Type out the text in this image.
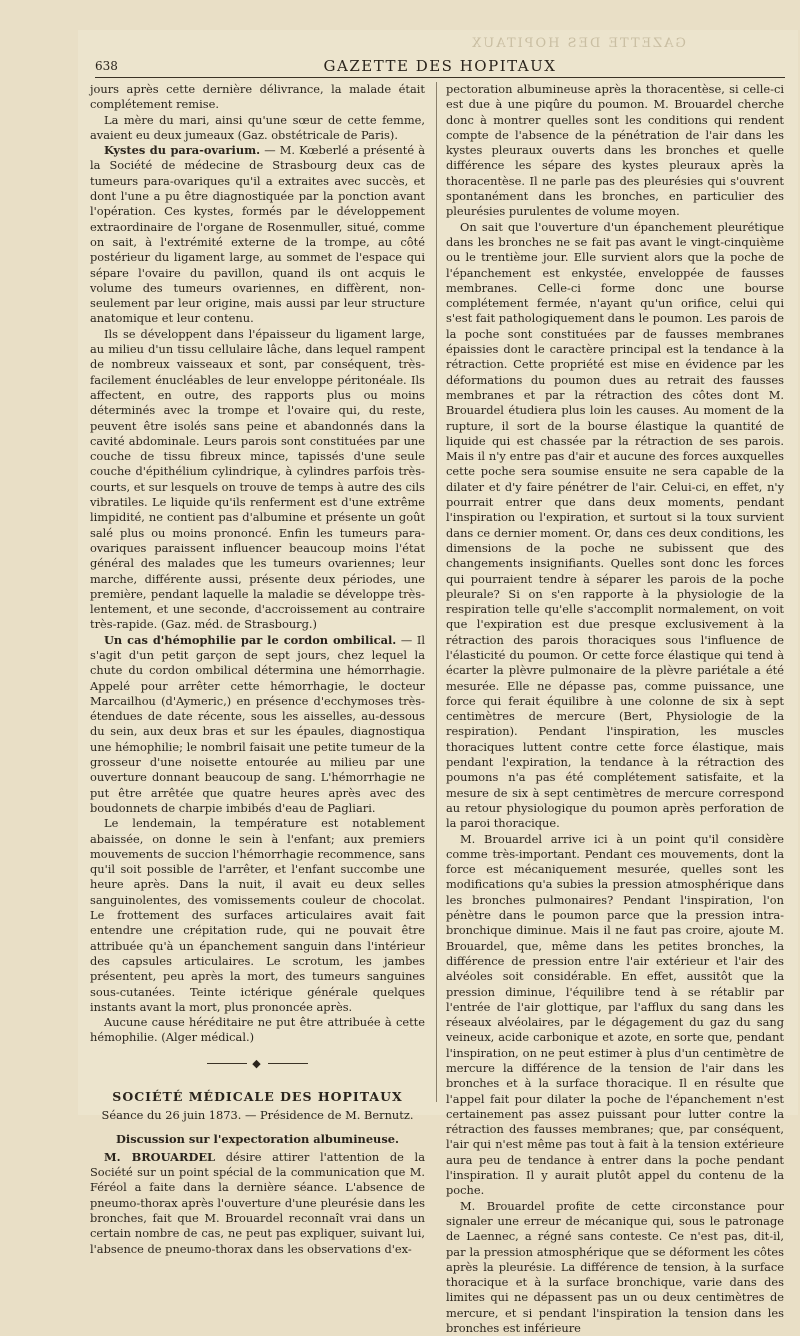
GAZETTE DES HOPITAUX
638	GAZETTE DES HOPITAUX

jours après cette dernière délivrance, la malade était complétement remise.

La mère du mari, ainsi qu'une sœur de cette femme, avaient eu deux jumeaux (Gaz. obstétricale de Paris).

Kystes du para-ovarium. — M. Kœberlé a présenté à la Société de médecine de Strasbourg deux cas de tumeurs para-ovariques qu'il a extraites avec succès, et dont l'une a pu être diagnostiquée par la ponction avant l'opération. Ces kystes, formés par le développement extraordinaire de l'organe de Rosenmuller, situé, comme on sait, à l'extrémité externe de la trompe, au côté postérieur du ligament large, au sommet de l'espace qui sépare l'ovaire du pavillon, quand ils ont acquis le volume des tumeurs ovariennes, en diffèrent, non-seulement par leur origine, mais aussi par leur structure anatomique et leur contenu.

Ils se développent dans l'épaisseur du ligament large, au milieu d'un tissu cellulaire lâche, dans lequel rampent de nombreux vaisseaux et sont, par conséquent, très-facilement énucléables de leur enveloppe péritonéale. Ils affectent, en outre, des rapports plus ou moins déterminés avec la trompe et l'ovaire qui, du reste, peuvent être isolés sans peine et abandonnés dans la cavité abdominale. Leurs parois sont constituées par une couche de tissu fibreux mince, tapissés d'une seule couche d'épithélium cylindrique, à cylindres parfois très-courts, et sur lesquels on trouve de temps à autre des cils vibratiles. Le liquide qu'ils renferment est d'une extrême limpidité, ne contient pas d'albumine et présente un goût salé plus ou moins prononcé. Enfin les tumeurs para-ovariques paraissent influencer beaucoup moins l'état général des malades que les tumeurs ovariennes; leur marche, différente aussi, présente deux périodes, une première, pendant laquelle la maladie se développe très-lentement, et une seconde, d'accroissement au contraire très-rapide. (Gaz. méd. de Strasbourg.)

Un cas d'hémophilie par le cordon ombilical. — Il s'agit d'un petit garçon de sept jours, chez lequel la chute du cordon ombilical détermina une hémorrhagie. Appelé pour arrêter cette hémorrhagie, le docteur Marcailhou (d'Aymeric,) en présence d'ecchymoses très-étendues de date récente, sous les aisselles, au-dessous du sein, aux deux bras et sur les épaules, diagnostiqua une hémophilie; le nombril faisait une petite tumeur de la grosseur d'une noisette entourée au milieu par une ouverture donnant beaucoup de sang. L'hémorrhagie ne put être arrêtée que quatre heures après avec des boudonnets de charpie imbibés d'eau de Pagliari.

Le lendemain, la température est notablement abaissée, on donne le sein à l'enfant; aux premiers mouvements de succion l'hémorrhagie recommence, sans qu'il soit possible de l'arrêter, et l'enfant succombe une heure après. Dans la nuit, il avait eu deux selles sanguinolentes, des vomissements couleur de chocolat. Le frottement des surfaces articulaires avait fait entendre une crépitation rude, qui ne pouvait être attribuée qu'à un épanchement sanguin dans l'intérieur des capsules articulaires. Le scrotum, les jambes présentent, peu après la mort, des tumeurs sanguines sous-cutanées. Teinte ictérique générale quelques instants avant la mort, plus prononcée après.

Aucune cause héréditaire ne put être attribuée à cette hémophilie. (Alger médical.)

◆
SOCIÉTÉ MÉDICALE DES HOPITAUX
Séance du 26 juin 1873. — Présidence de M. Bernutz.
Discussion sur l'expectoration albumineuse.

M. BROUARDEL désire attirer l'attention de la Société sur un point spécial de la communication que M. Féréol a faite dans la dernière séance. L'absence de pneumo-thorax après l'ouverture d'une pleurésie dans les bronches, fait que M. Brouardel reconnaît vrai dans un certain nombre de cas, ne peut pas expliquer, suivant lui, l'absence de pneumo-thorax dans les observations d'ex-

pectoration albumineuse après la thoracentèse, si celle-ci est due à une piqûre du poumon. M. Brouardel cherche donc à montrer quelles sont les conditions qui rendent compte de l'absence de la pénétration de l'air dans les kystes pleuraux ouverts dans les bronches et quelle différence les sépare des kystes pleuraux après la thoracentèse. Il ne parle pas des pleurésies qui s'ouvrent spontanément dans les bronches, en particulier des pleurésies purulentes de volume moyen.

On sait que l'ouverture d'un épanchement pleurétique dans les bronches ne se fait pas avant le vingt-cinquième ou le trentième jour. Elle survient alors que la poche de l'épanchement est enkystée, enveloppée de fausses membranes. Celle-ci forme donc une bourse complétement fermée, n'ayant qu'un orifice, celui qui s'est fait pathologiquement dans le poumon. Les parois de la poche sont constituées par de fausses membranes épaissies dont le caractère principal est la tendance à la rétraction. Cette propriété est mise en évidence par les déformations du poumon dues au retrait des fausses membranes et par la rétraction des côtes dont M. Brouardel étudiera plus loin les causes. Au moment de la rupture, il sort de la bourse élastique la quantité de liquide qui est chassée par la rétraction de ses parois. Mais il n'y entre pas d'air et aucune des forces auxquelles cette poche sera soumise ensuite ne sera capable de la dilater et d'y faire pénétrer de l'air. Celui-ci, en effet, n'y pourrait entrer que dans deux moments, pendant l'inspiration ou l'expiration, et surtout si la toux survient dans ce dernier moment. Or, dans ces deux conditions, les dimensions de la poche ne subissent que des changements insignifiants. Quelles sont donc les forces qui pourraient tendre à séparer les parois de la poche pleurale? Si on s'en rapporte à la physiologie de la respiration telle qu'elle s'accomplit normalement, on voit que l'expiration est due presque exclusivement à la rétraction des parois thoraciques sous l'influence de l'élasticité du poumon. Or cette force élastique qui tend à écarter la plèvre pulmonaire de la plèvre pariétale a été mesurée. Elle ne dépasse pas, comme puissance, une force qui ferait équilibre à une colonne de six à sept centimètres de mercure (Bert, Physiologie de la respiration). Pendant l'inspiration, les muscles thoraciques luttent contre cette force élastique, mais pendant l'expiration, la tendance à la rétraction des poumons n'a pas été complétement satisfaite, et la mesure de six à sept centimètres de mercure correspond au retour physiologique du poumon après perforation de la paroi thoracique.

M. Brouardel arrive ici à un point qu'il considère comme très-important. Pendant ces mouvements, dont la force est mécaniquement mesurée, quelles sont les modifications qu'a subies la pression atmosphérique dans les bronches pulmonaires? Pendant l'inspiration, l'on pénètre dans le poumon parce que la pression intra-bronchique diminue. Mais il ne faut pas croire, ajoute M. Brouardel, que, même dans les petites bronches, la différence de pression entre l'air extérieur et l'air des alvéoles soit considérable. En effet, aussitôt que la pression diminue, l'équilibre tend à se rétablir par l'entrée de l'air glottique, par l'afflux du sang dans les réseaux alvéolaires, par le dégagement du gaz du sang veineux, acide carbonique et azote, en sorte que, pendant l'inspiration, on ne peut estimer à plus d'un centimètre de mercure la différence de la tension de l'air dans les bronches et à la surface thoracique. Il en résulte que l'appel fait pour dilater la poche de l'épanchement n'est certainement pas assez puissant pour lutter contre la rétraction des fausses membranes; que, par conséquent, l'air qui n'est même pas tout à fait à la tension extérieure aura peu de tendance à entrer dans la poche pendant l'inspiration. Il y aurait plutôt appel du contenu de la poche.

M. Brouardel profite de cette circonstance pour signaler une erreur de mécanique qui, sous le patronage de Laennec, a régné sans conteste. Ce n'est pas, dit-il, par la pression atmosphérique que se déforment les côtes après la pleurésie. La différence de tension, à la surface thoracique et à la surface bronchique, varie dans des limites qui ne dépassent pas un ou deux centimètres de mercure, et si pendant l'inspiration la tension dans les bronches est inférieure
